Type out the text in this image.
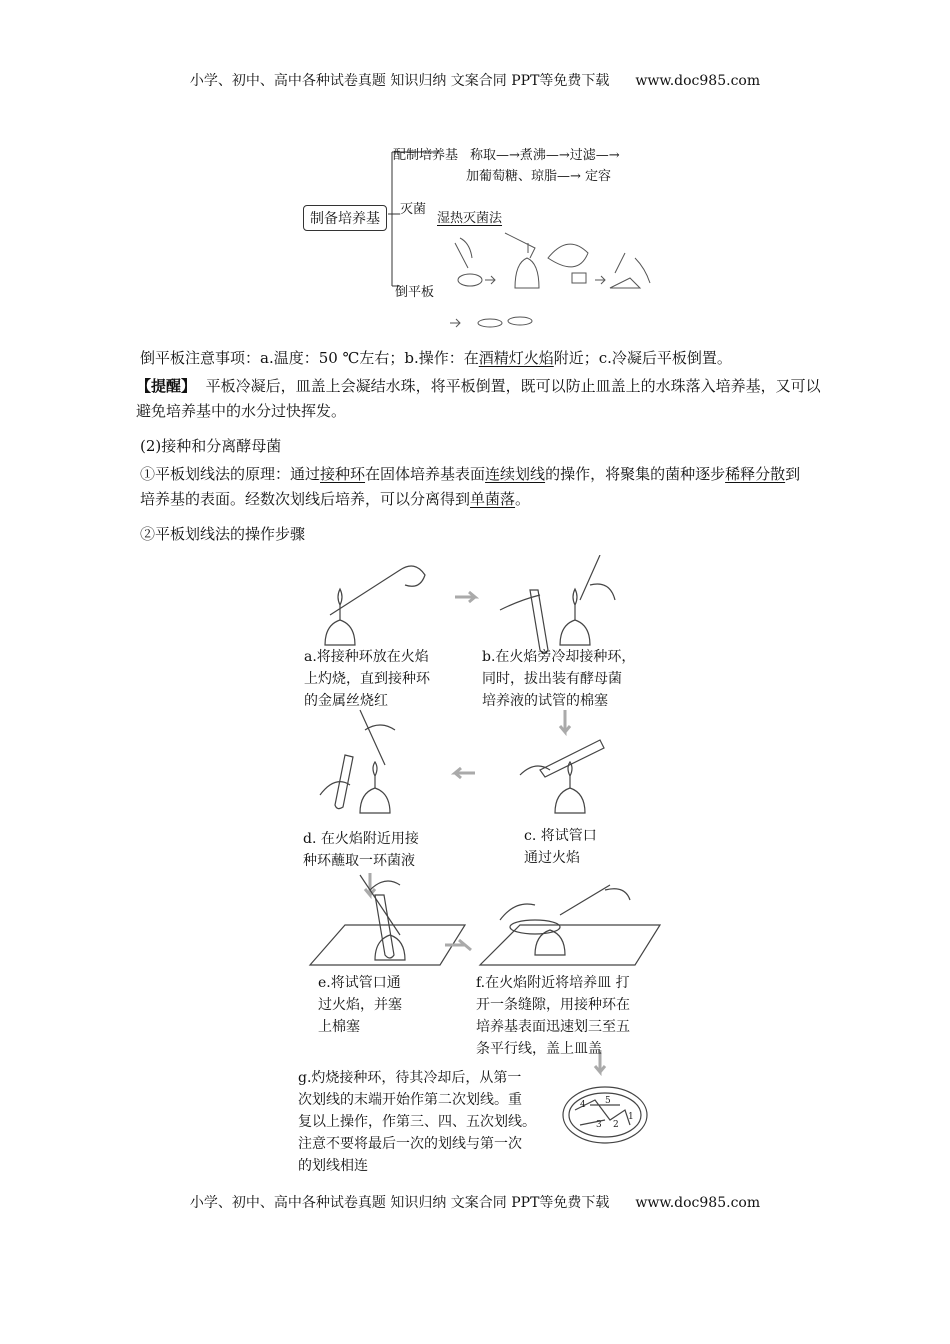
小学、初中、高中各种试卷真题 知识归纳 文案合同 PPT等免费下载 www.doc985.com
制备培养基
配制培养基 称取—→煮沸—→过滤—→
加葡萄糖、琼脂—→ 定容
灭菌
湿热灭菌法
倒平板
倒平板注意事项：a.温度：50 ℃左右；b.操作：在酒精灯火焰附近；c.冷凝后平板倒置。
【提醒】 平板冷凝后，皿盖上会凝结水珠，将平板倒置，既可以防止皿盖上的水珠落入培养基，又可以避免培养基中的水分过快挥发。
(2)接种和分离酵母菌
①平板划线法的原理：通过接种环在固体培养基表面连续划线的操作，将聚集的菌种逐步稀释分散到培养基的表面。经数次划线后培养，可以分离得到单菌落。
②平板划线法的操作步骤
4 5
3 2
1
a.将接种环放在火焰
上灼烧，直到接种环
的金属丝烧红
b.在火焰旁冷却接种环，
同时，拔出装有酵母菌
培养液的试管的棉塞
c. 将试管口
通过火焰
d. 在火焰附近用接
种环蘸取一环菌液
e.将试管口通
过火焰，并塞
上棉塞
f.在火焰附近将培养皿 打
开一条缝隙，用接种环在
培养基表面迅速划三至五
条平行线，盖上皿盖
g.灼烧接种环，待其冷却后，从第一
次划线的末端开始作第二次划线。重
复以上操作，作第三、四、五次划线。
注意不要将最后一次的划线与第一次
的划线相连
小学、初中、高中各种试卷真题 知识归纳 文案合同 PPT等免费下载 www.doc985.com
